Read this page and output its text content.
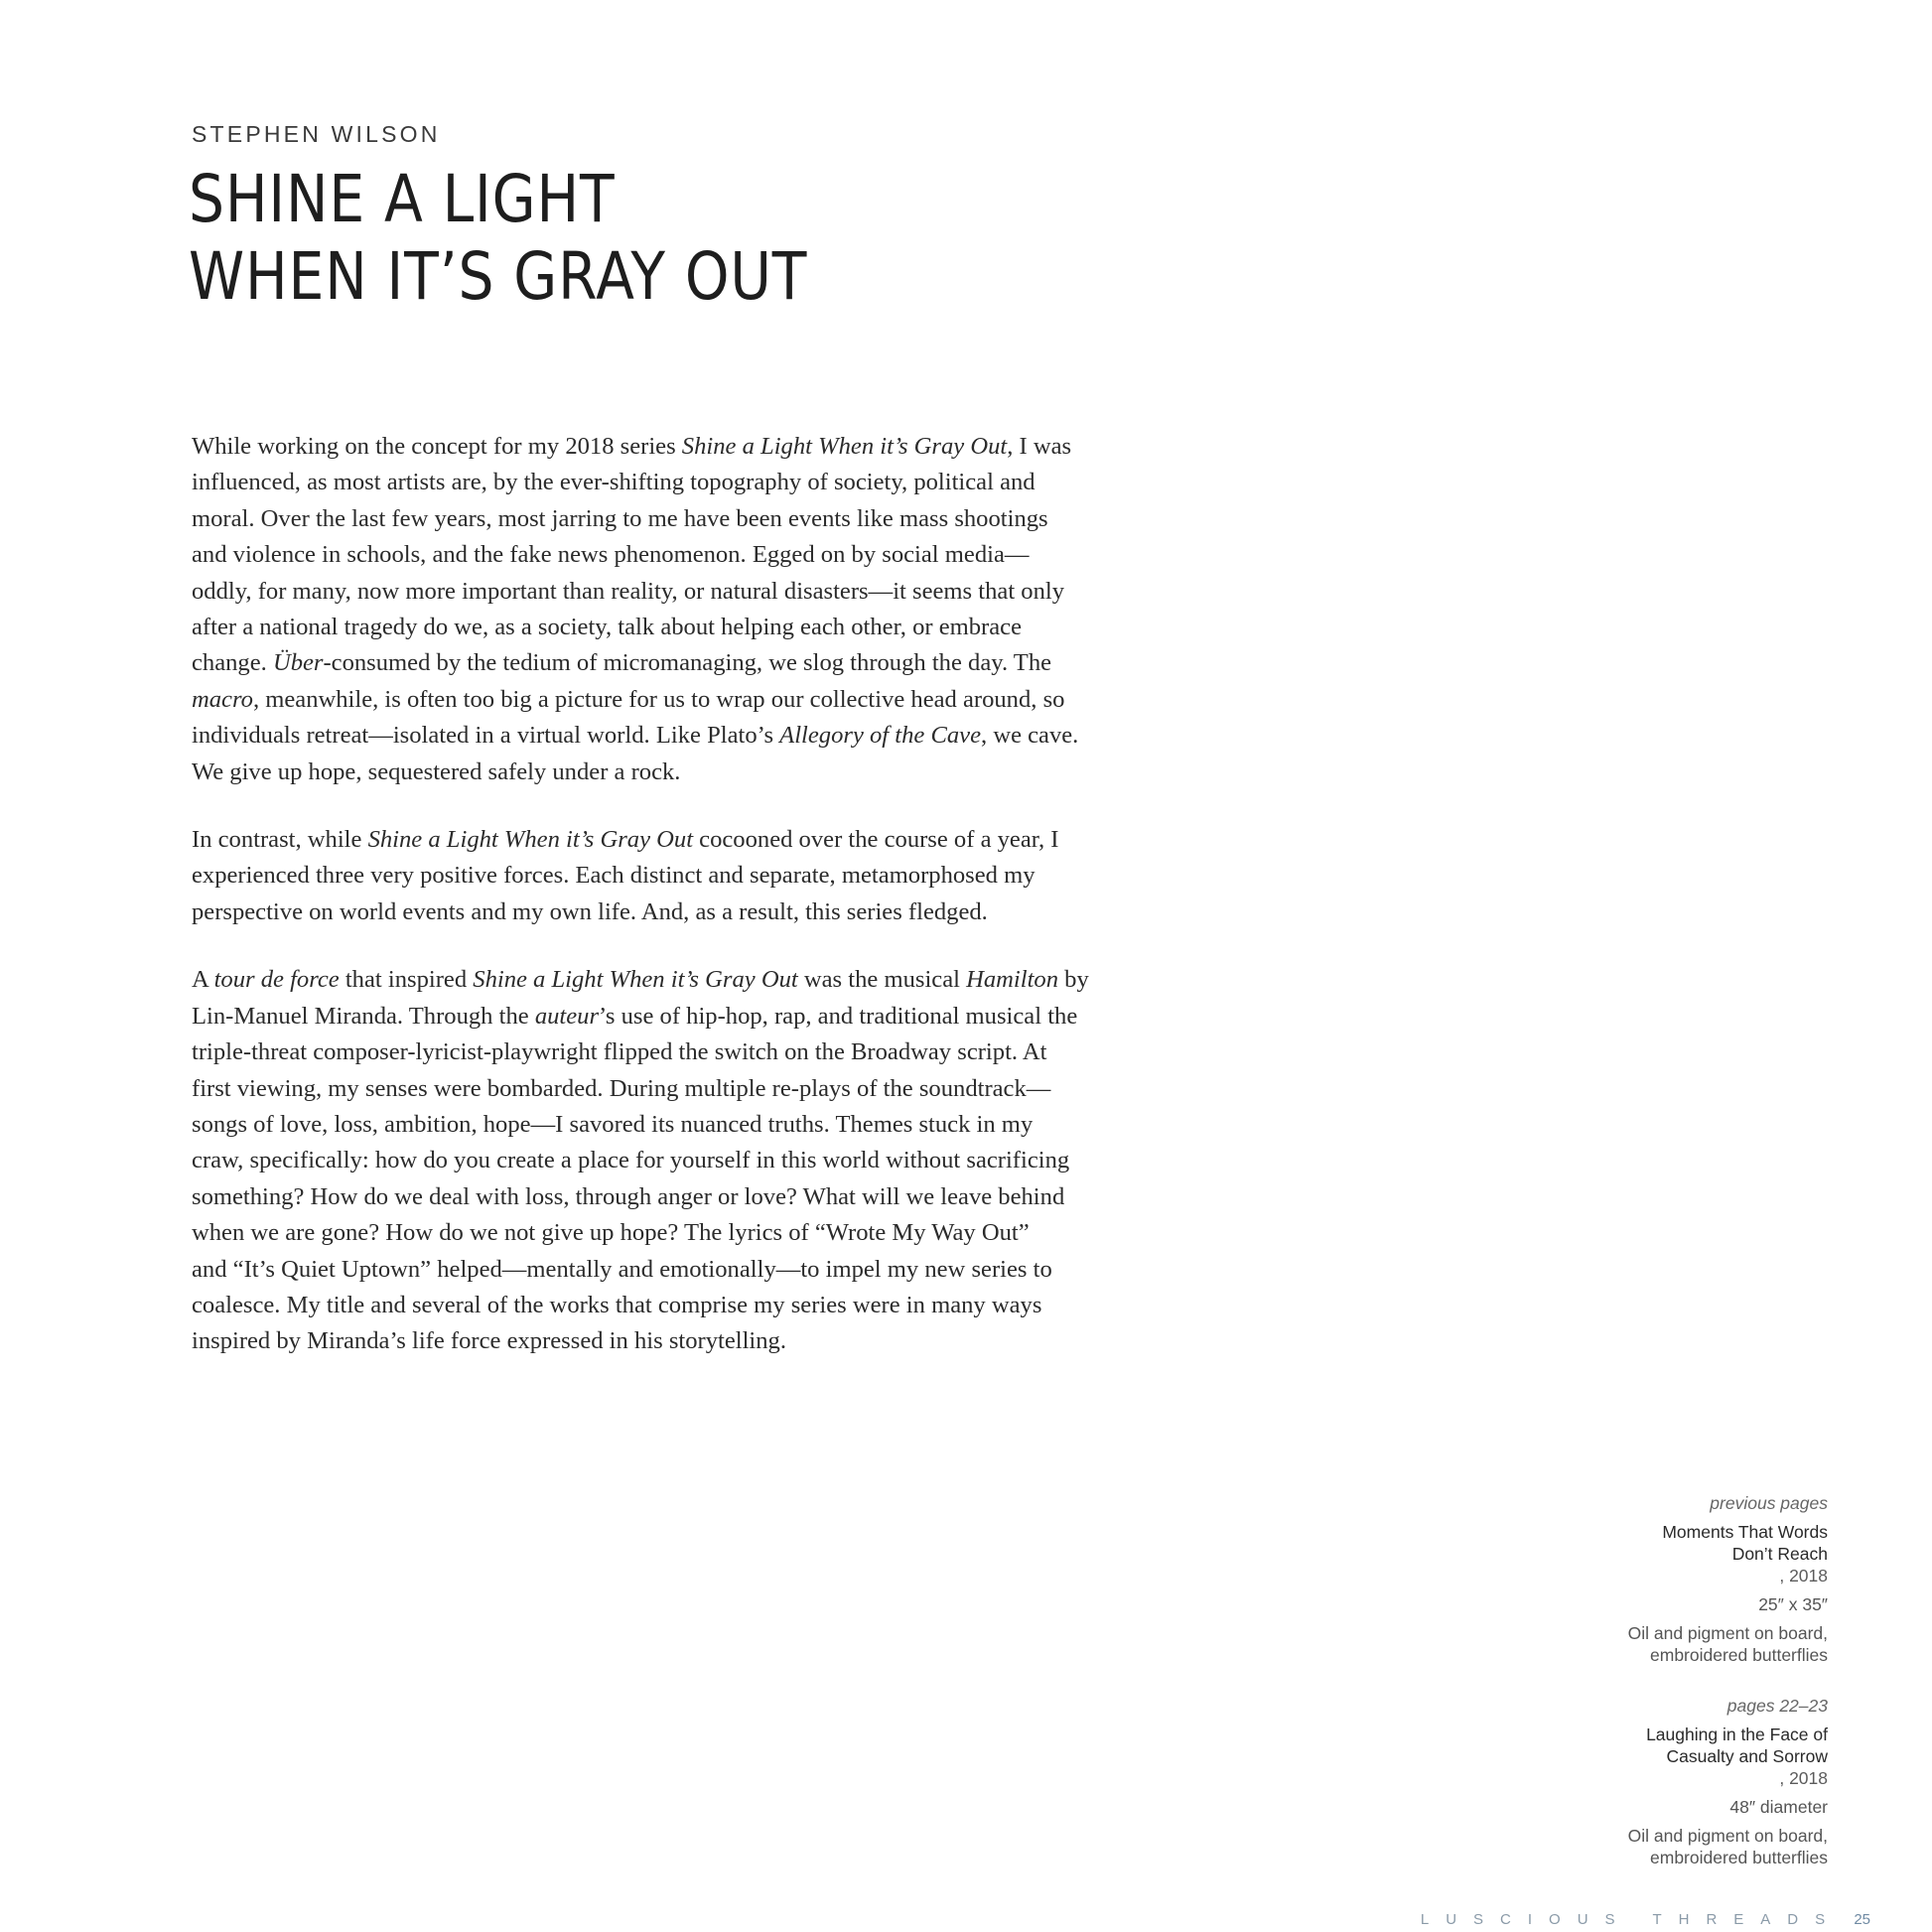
STEPHEN WILSON
SHINE A LIGHT
WHEN IT’S GRAY OUT

While working on the concept for my 2018 series Shine a Light When it’s Gray Out, I was
influenced, as most artists are, by the ever-shifting topography of society, political and
moral. Over the last few years, most jarring to me have been events like mass shootings
and violence in schools, and the fake news phenomenon. Egged on by social media—
oddly, for many, now more important than reality, or natural disasters—it seems that only
after a national tragedy do we, as a society, talk about helping each other, or embrace
change. Über-consumed by the tedium of micromanaging, we slog through the day. The
macro, meanwhile, is often too big a picture for us to wrap our collective head around, so
individuals retreat—isolated in a virtual world. Like Plato’s Allegory of the Cave, we cave.
We give up hope, sequestered safely under a rock.

In contrast, while Shine a Light When it’s Gray Out cocooned over the course of a year, I
experienced three very positive forces. Each distinct and separate, metamorphosed my
perspective on world events and my own life. And, as a result, this series fledged.

A tour de force that inspired Shine a Light When it’s Gray Out was the musical Hamilton by
Lin-Manuel Miranda. Through the auteur’s use of hip-hop, rap, and traditional musical the
triple-threat composer-lyricist-playwright flipped the switch on the Broadway script. At
first viewing, my senses were bombarded. During multiple re-plays of the soundtrack—
songs of love, loss, ambition, hope—I savored its nuanced truths. Themes stuck in my
craw, specifically: how do you create a place for yourself in this world without sacrificing
something? How do we deal with loss, through anger or love? What will we leave behind
when we are gone? How do we not give up hope? The lyrics of “Wrote My Way Out”
and “It’s Quiet Uptown” helped—mentally and emotionally—to impel my new series to
coalesce. My title and several of the works that comprise my series were in many ways
inspired by Miranda’s life force expressed in his storytelling.

previous pages
Moments That Words
Don’t Reach
, 2018
25″ x 35″
Oil and pigment on board,
embroidered butterflies
pages 22–23
Laughing in the Face of
Casualty and Sorrow
, 2018
48″ diameter
Oil and pigment on board,
embroidered butterflies
LUSCIOUS THREADS 25
